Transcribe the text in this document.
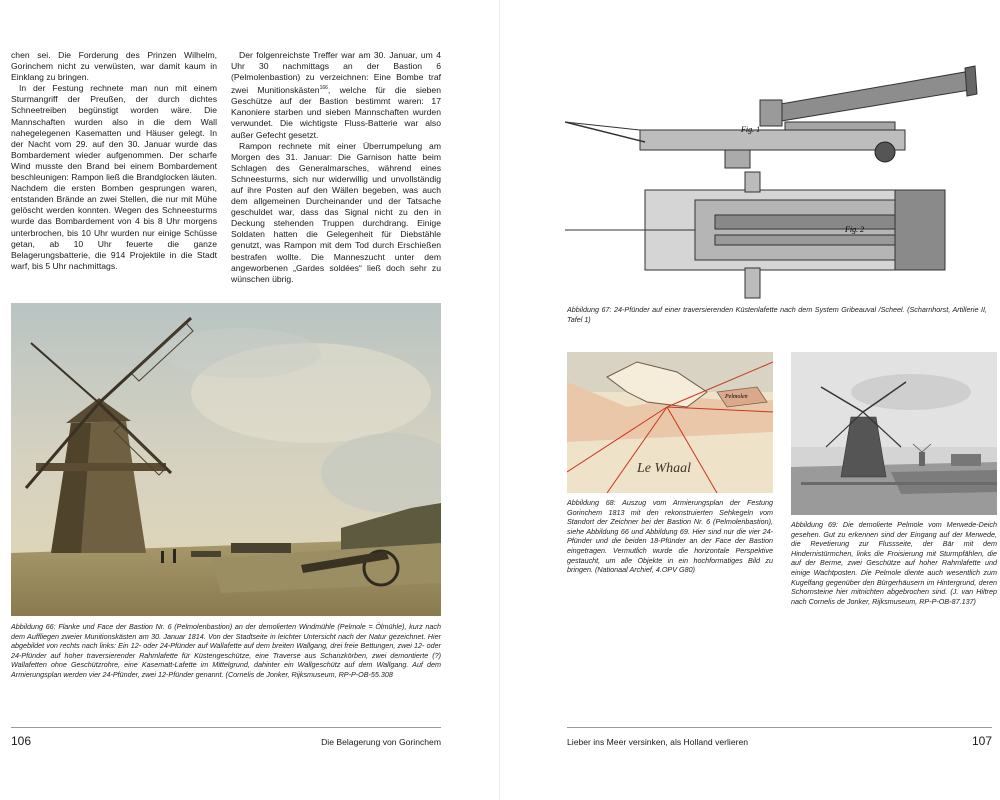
chen sei. Die Forderung des Prinzen Wilhelm, Gorinchem nicht zu verwüsten, war damit kaum in Einklang zu bringen.

In der Festung rechnete man nun mit einem Sturmangriff der Preußen, der durch dichtes Schneetreiben begünstigt worden wäre. Die Mannschaften wurden also in die dem Wall nahegelegenen Kasematten und Häuser gelegt. In der Nacht vom 29. auf den 30. Januar wurde das Bombardement wieder aufgenommen. Der scharfe Wind musste den Brand bei einem Bombardement beschleunigen: Rampon ließ die Brandglocken läuten. Nachdem die ersten Bomben gesprungen waren, entstanden Brände an zwei Stellen, die nur mit Mühe gelöscht werden konnten. Wegen des Schneesturms wurde das Bombardement von 4 bis 8 Uhr morgens unterbrochen, bis 10 Uhr wurden nur einige Schüsse getan, ab 10 Uhr feuerte die ganze Belagerungsbatterie, die 914 Projektile in die Stadt warf, bis 5 Uhr nachmittags.

Der folgenreichste Treffer war am 30. Januar, um 4 Uhr 30 nachmittags an der Bastion 6 (Pelmolenbastion) zu verzeichnen: Eine Bombe traf zwei Munitionskästen$^{166}$, welche für die sieben Geschütze auf der Bastion bestimmt waren: 17 Kanoniere starben und sieben Mannschaften wurden verwundet. Die wichtigste Fluss-Batterie war also außer Gefecht gesetzt.

Rampon rechnete mit einer Überrumpelung am Morgen des 31. Januar: Die Garnison hatte beim Schlagen des Generalmarsches, während eines Schneesturms, sich nur widerwillig und unvollständig auf ihre Posten auf den Wällen begeben, was auch dem allgemeinen Durcheinander und der Tatsache geschuldet war, dass das Signal nicht zu den in Deckung stehenden Truppen durchdrang. Einige Soldaten hatten die Gelegenheit für Diebstähle genutzt, was Rampon mit dem Tod durch Erschießen bestrafen wollte. Die Manneszucht unter dem angeworbenen „Gardes soldées“ ließ doch sehr zu wünschen übrig.

Abbildung 66: Flanke und Face der Bastion Nr. 6 (Pelmolenbastion) an der demolierten Windmühle (Pelmole = Ölmühle), kurz nach dem Auffliegen zweier Munitionskästen am 30. Januar 1814. Von der Stadtseite in leichter Untersicht nach der Natur gezeichnet. Hier abgebildet von rechts nach links: Ein 12- oder 24-Pfünder auf Wallafette auf dem breiten Wallgang, drei freie Bettungen, zwei 12- oder 24-Pfünder auf hoher traversierender Rahmlafette für Küstengeschütze, eine Traverse aus Schanzkörben, zwei demontierte (?) Wallafetten ohne Geschützrohre, eine Kasematt-Lafette im Mittelgrund, dahinter ein Wallgeschütz auf dem Wallgang. Auf dem Armierungsplan werden vier 24-Pfünder, zwei 12-Pfünder genannt. (Cornelis de Jonker, Rijksmuseum, RP-P-OB-55.308

106	Die Belagerung von Gorinchem
Fig. 1
Fig. 2

Abbildung 67: 24-Pfünder auf einer traversierenden Küstenlafette nach dem System Gribeauval /Scheel. (Scharnhorst, Artillerie II, Tafel 1)

Pelmolen
Le Whaal

Abbildung 68: Auszug vom Armierungsplan der Festung Gorinchem 1813 mit den rekonstruierten Sehkegeln vom Standort der Zeichner bei der Bastion Nr. 6 (Pelmolenbastion), siehe Abbildung 66 und Abbildung 69. Hier sind nur die vier 24-Pfünder und die beiden 18-Pfünder an der Face der Bastion eingetragen. Vermutlich wurde die horizontale Perspektive gestaucht, um alle Objekte in ein hochformatiges Bild zu bringen. (Nationaal Archief, 4.OPV G80)

Abbildung 69: Die demolierte Pelmole vom Merwede-Deich gesehen. Gut zu erkennen sind der Eingang auf der Merwede, die Revetierung zur Flussseite, der Bär mit dem Hindernistürmchen, links die Froisierung mit Sturmpfählen, die auf der Berme, zwei Geschütze auf hoher Rahmlafette und einige Wachtposten. Die Pelmole diente auch wesentlich zum Kugelfang gegenüber den Bürgerhäusern im Hintergrund, deren Schornsteine hier mitnichten abgebrochen sind. (J. van Hiltrep nach Cornelis de Jonker, Rijksmuseum, RP-P-OB-87.137)

Lieber ins Meer versinken, als Holland verlieren	107
